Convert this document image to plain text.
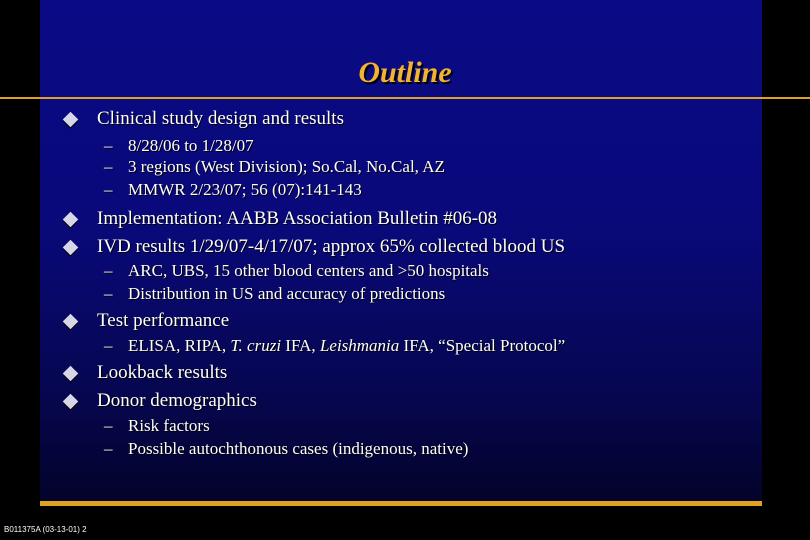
Outline
Clinical study design and results
– 8/28/06 to 1/28/07
– 3 regions (West Division); So.Cal, No.Cal, AZ
– MMWR 2/23/07; 56 (07):141-143
Implementation: AABB Association Bulletin #06-08
IVD results 1/29/07-4/17/07; approx 65% collected blood US
– ARC, UBS, 15 other blood centers and >50 hospitals
– Distribution in US and accuracy of predictions
Test performance
– ELISA, RIPA, T. cruzi IFA, Leishmania IFA, “Special Protocol”
Lookback results
Donor demographics
– Risk factors
– Possible autochthonous cases (indigenous, native)
B011375A (03-13-01) 2
